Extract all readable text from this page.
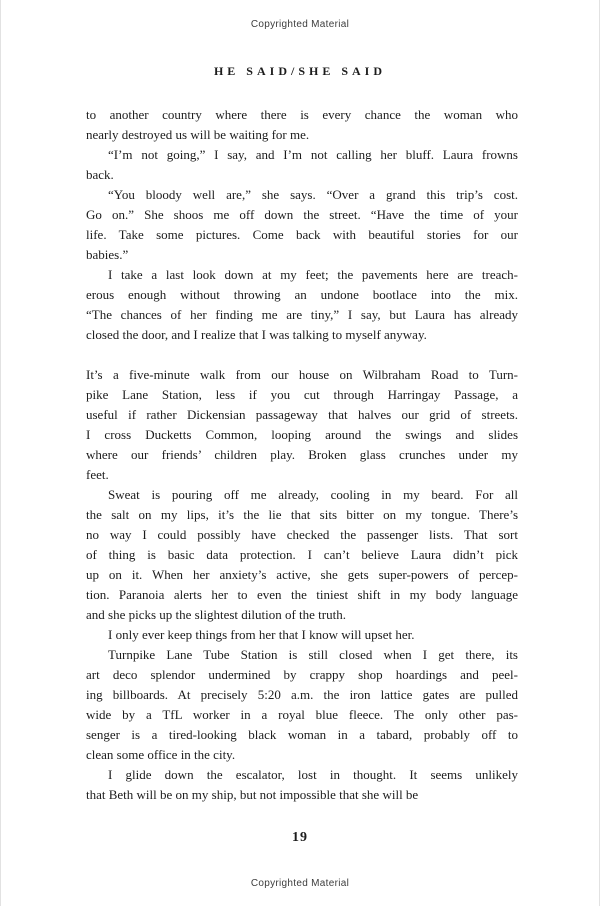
Copyrighted Material
HE SAID/SHE SAID

to another country where there is every chance the woman who
nearly destroyed us will be waiting for me.

“I’m not going,” I say, and I’m not calling her bluff. Laura frowns
back.

“You bloody well are,” she says. “Over a grand this trip’s cost.
Go on.” She shoos me off down the street. “Have the time of your
life. Take some pictures. Come back with beautiful stories for our
babies.”

I take a last look down at my feet; the pavements here are treach-
erous enough without throwing an undone bootlace into the mix.
“The chances of her finding me are tiny,” I say, but Laura has already
closed the door, and I realize that I was talking to myself anyway.

It’s a five-minute walk from our house on Wilbraham Road to Turn-
pike Lane Station, less if you cut through Harringay Passage, a
useful if rather Dickensian passageway that halves our grid of streets.
I cross Ducketts Common, looping around the swings and slides
where our friends’ children play. Broken glass crunches under my
feet.

Sweat is pouring off me already, cooling in my beard. For all
the salt on my lips, it’s the lie that sits bitter on my tongue. There’s
no way I could possibly have checked the passenger lists. That sort
of thing is basic data protection. I can’t believe Laura didn’t pick
up on it. When her anxiety’s active, she gets super-powers of percep-
tion. Paranoia alerts her to even the tiniest shift in my body language
and she picks up the slightest dilution of the truth.

I only ever keep things from her that I know will upset her.

Turnpike Lane Tube Station is still closed when I get there, its
art deco splendor undermined by crappy shop hoardings and peel-
ing billboards. At precisely 5:20 a.m. the iron lattice gates are pulled
wide by a TfL worker in a royal blue fleece. The only other pas-
senger is a tired-looking black woman in a tabard, probably off to
clean some office in the city.

I glide down the escalator, lost in thought. It seems unlikely
that Beth will be on my ship, but not impossible that she will be

19
Copyrighted Material
